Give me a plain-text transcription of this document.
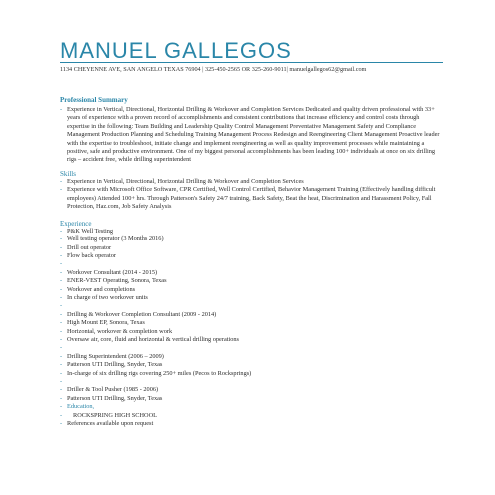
MANUEL GALLEGOS
1134 CHEYENNE AVE, SAN ANGELO TEXAS 76904 | 325-450-2565 OR 325-260-9011| manuelgallegos62@gmail.com
Professional Summary
- Experience in Vertical, Directional, Horizontal Drilling & Workover and Completion Services Dedicated and quality driven professional with 33+ years of experience with a proven record of accomplishments and consistent contributions that increase efficiency and control costs through expertise in the following: Team Building and Leadership Quality Control Management Preventative Management Safety and Compliance Management Production Planning and Scheduling Training Management Process Redesign and Reengineering Client Management Proactive leader with the expertise to troubleshoot, initiate change and implement reengineering as well as quality improvement processes while maintaining a positive, safe and productive environment. One of my biggest personal accomplishments has been leading 100+ individuals at once on six drilling rigs – accident free, while drilling superintendent
Skills
- Experience in Vertical, Directional, Horizontal Drilling & Workover and Completion Services
- Experience with Microsoft Office Software, CPR Certified, Well Control Certified, Behavior Management Training (Effectively handling difficult employees) Attended 100+ hrs. Through Patterson's Safety 24/7 training, Back Safety, Beat the heat, Discrimination and Harassment Policy, Fall Protection, Haz.com, Job Safety Analysis
Experience
- P&K Well Testing
- Well testing operator (3 Months 2016)
- Drill out operator
- Flow back operator
-
- Workover Consultant (2014 - 2015)
- ENER-VEST Operating, Sonora, Texas
- Workover and completions
- In charge of two workover units
-
- Drilling & Workover Completion Consultant (2009 - 2014)
- High Mount EP, Sonora, Texas
- Horizontal, workover & completion work
- Oversaw air, core, fluid and horizontal & vertical drilling operations
-
- Drilling Superintendent (2006 – 2009)
- Patterson UTI Drilling, Snyder, Texas
- In-charge of six drilling rigs covering 250+ miles (Pecos to Rocksprings)
-
- Driller & Tool Pusher (1985 - 2006)
- Patterson UTI Drilling, Snyder, Texas
- Education,
- ROCKSPRING HIGH SCHOOL
- References available upon request
